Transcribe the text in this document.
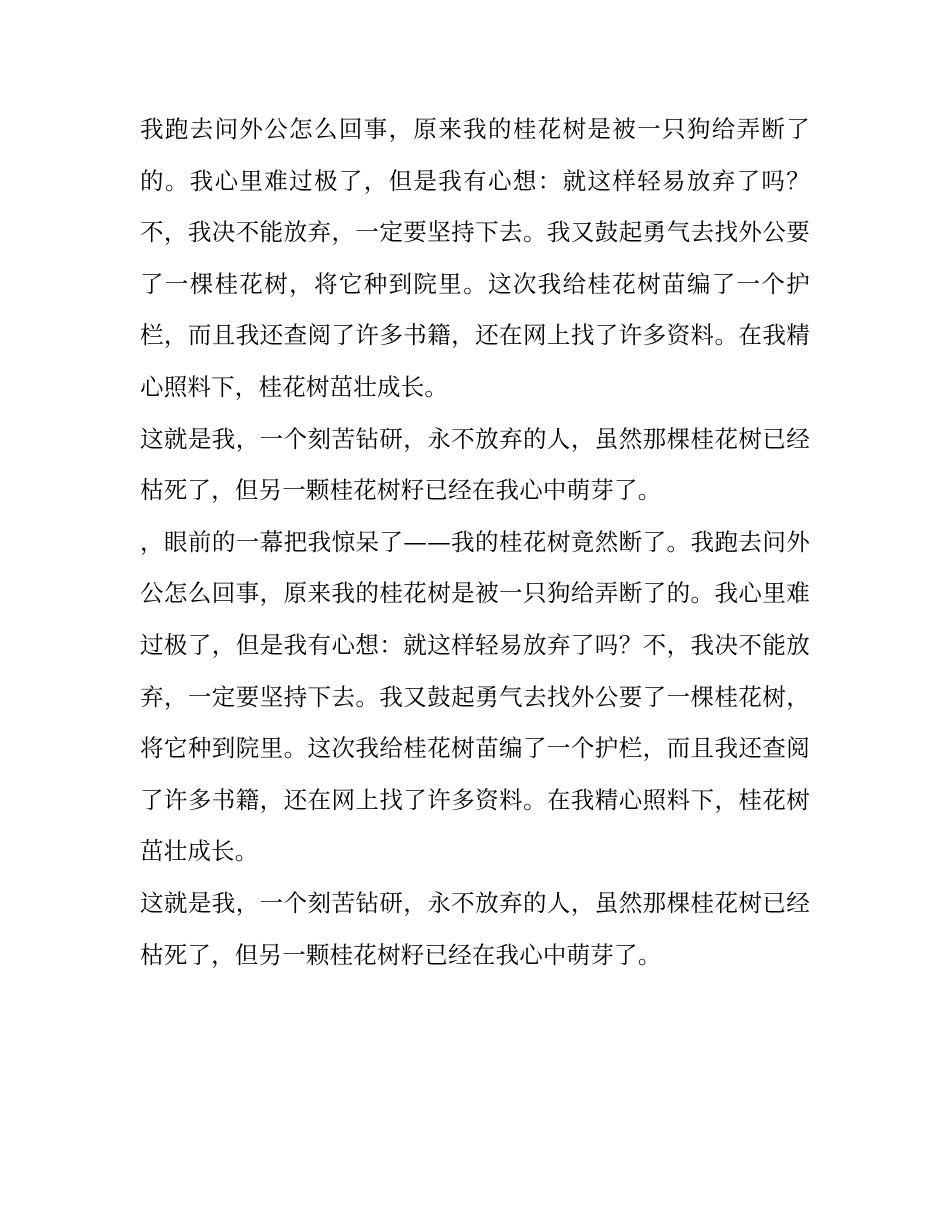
我跑去问外公怎么回事，原来我的桂花树是被一只狗给弄断了的。我心里难过极了，但是我有心想：就这样轻易放弃了吗？不，我决不能放弃，一定要坚持下去。我又鼓起勇气去找外公要了一棵桂花树，将它种到院里。这次我给桂花树苗编了一个护栏，而且我还查阅了许多书籍，还在网上找了许多资料。在我精心照料下，桂花树茁壮成长。

这就是我，一个刻苦钻研，永不放弃的人，虽然那棵桂花树已经枯死了，但另一颗桂花树籽已经在我心中萌芽了。

，眼前的一幕把我惊呆了——我的桂花树竟然断了。我跑去问外公怎么回事，原来我的桂花树是被一只狗给弄断了的。我心里难过极了，但是我有心想：就这样轻易放弃了吗？不，我决不能放弃，一定要坚持下去。我又鼓起勇气去找外公要了一棵桂花树，将它种到院里。这次我给桂花树苗编了一个护栏，而且我还查阅了许多书籍，还在网上找了许多资料。在我精心照料下，桂花树茁壮成长。

这就是我，一个刻苦钻研，永不放弃的人，虽然那棵桂花树已经枯死了，但另一颗桂花树籽已经在我心中萌芽了。
